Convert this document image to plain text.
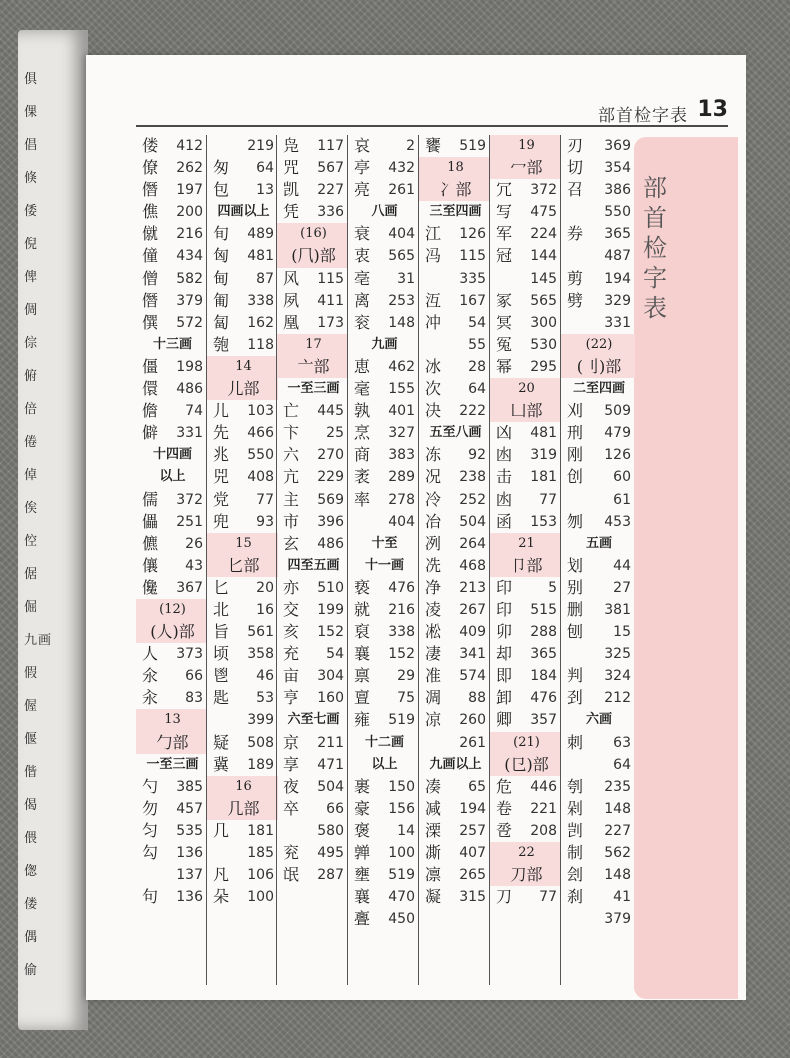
俱
倮
倡
倏
倭
倪
俾
倜
倧
俯
倍
倦
倬
俟
倥
倨
倔
九画
假
偓
偃
偕
偈
偎
偬
偻
偶
偷
部首检字表 13
部
首
检
字
表
偻 412
僚 262
僭 197
僬 200
僦 216
僮 434
僧 582
僭 379
僎 572
十三画
僵 198
儇 486
儋 74
僻 331
十四画
以上
儒 372
儡 251
儦 26
儴 43
儳 367
(12)
(人)部
人 373
氽 66
汆 83
13
勹部
一至三画
勺 385
勿 457
匀 535
勾 136
137
句 136
219
匆 64
包 13
四画以上
旬 489
匈 481
甸 87
匍 338
匐 162
匏 118
14
儿部
儿 103
先 466
兆 550
兕 408
党 77
兜 93
15
匕部
匕 20
北 16
旨 561
顷 358
鬯 46
匙 53
399
疑 508
冀 189
16
几部
几 181
185
凡 106
朵 100
凫 117
咒 567
凯 227
凭 336
(16)
(⺇)部
风 115
夙 411
凰 173
17
亠部
一至三画
亡 445
卞 25
六 270
亢 229
主 569
市 396
玄 486
四至五画
亦 510
交 199
亥 152
充 54
亩 304
亨 160
六至七画
京 211
享 471
夜 504
卒 66
580
兖 495
氓 287
哀	2
亭 432
亮 261
八画
衰 404
衷 565
亳 31
离 253
衮 148
九画
恵 462
毫 155
孰 401
烹 327
商 383
袤 289
率 278
404
十至
十一画
亵 476
就 216
裒 338
襄 152
禀 29
亶 75
雍 519
十二画
以上
裹 150
豪 156
褒 14
亸 100
壅 519
襄 470
亹 450
饔 519
18
冫部
三至四画
江 126
冯 115
335
沍 167
冲 54
55
冰 28
次 64
决 222
五至八画
冻 92
况 238
冷 252
冶 504
冽 264
冼 468
净 213
凌 267
凇 409
凄 341
准 574
凋 88
凉 260
261
九画以上
凑 65
减 194
溧 257
凘 407
凛 265
凝 315
19
冖部
冗 372
写 475
军 224
冠 144
145
冢 565
冥 300
冤 530
幂 295
20
凵部
凶 481
凼 319
击 181
凼 77
函 153
21
卩部
印	5
印 515
卯 288
却 365
即 184
卸 476
卿 357
(21)
(㔾)部
危 446
卷 221
卺 208
22
刀部
刀 77
刃 369
切 354
召 386
550
券 365
487
剪 194
劈 329
331
(22)
(刂)部
二至四画
刈 509
刑 479
刚 126
创 60
61
刎 453
五画
划 44
别 27
删 381
刨 15
325
判 324
刭 212
六画
刺 63
64
刳 235
剁 148
剀 227
制 562
刽 148
刹 41
379
